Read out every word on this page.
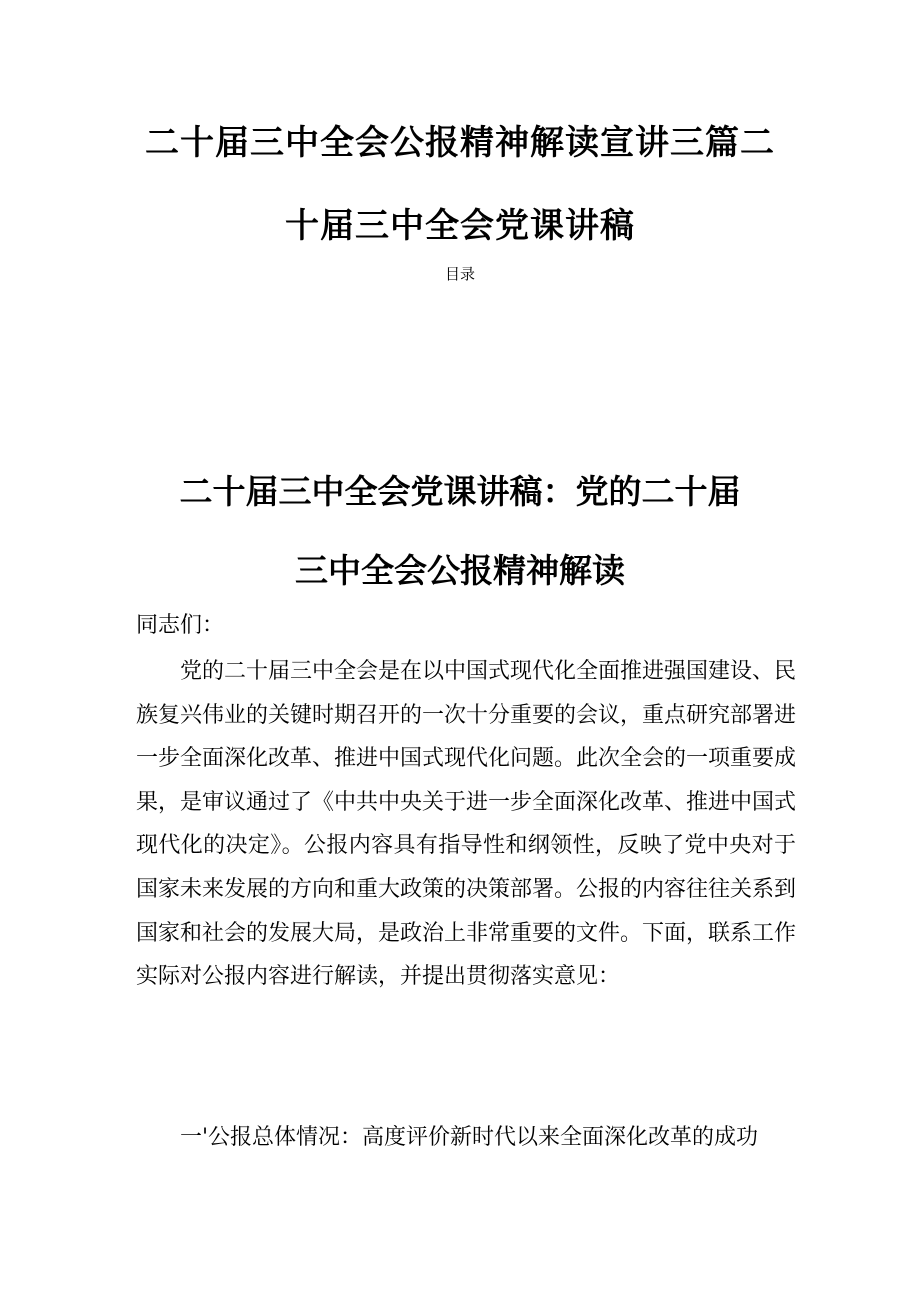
二十届三中全会公报精神解读宣讲三篇二
十届三中全会党课讲稿
目录
二十届三中全会党课讲稿：党的二十届
三中全会公报精神解读
同志们：

党的二十届三中全会是在以中国式现代化全面推进强国建设、民族复兴伟业的关键时期召开的一次十分重要的会议，重点研究部署进一步全面深化改革、推进中国式现代化问题。此次全会的一项重要成果，是审议通过了《中共中央关于进一步全面深化改革、推进中国式现代化的决定》。公报内容具有指导性和纲领性，反映了党中央对于国家未来发展的方向和重大政策的决策部署。公报的内容往往关系到国家和社会的发展大局，是政治上非常重要的文件。下面，联系工作实际对公报内容进行解读，并提出贯彻落实意见：

一'公报总体情况：高度评价新时代以来全面深化改革的成功
